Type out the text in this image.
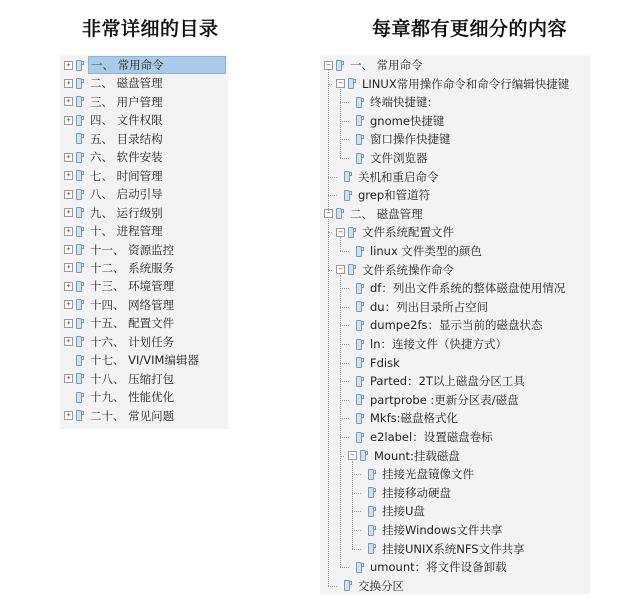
非常详细的目录	每章都有更细分的内容
+ 一、 常用命令
+ 二、 磁盘管理
+ 三、 用户管理
+ 四、 文件权限
五、 目录结构
+ 六、 软件安装
+ 七、 时间管理
+ 八、 启动引导
+ 九、 运行级别
+ 十、 进程管理
+ 十一、 资源监控
+ 十二、 系统服务
+ 十三、 环境管理
+ 十四、 网络管理
+ 十五、 配置文件
+ 十六、 计划任务
十七、 VI/VIM编辑器
+ 十八、 压缩打包
十九、 性能优化
+ 二十、 常见问题
− 一、 常用命令
− LINUX常用操作命令和命令行编辑快捷键
终端快捷键:
gnome快捷键
窗口操作快捷键
文件浏览器
关机和重启命令
grep和管道符
− 二、 磁盘管理
− 文件系统配置文件
linux 文件类型的颜色
− 文件系统操作命令
df：列出文件系统的整体磁盘使用情况
du：列出目录所占空间
dumpe2fs：显示当前的磁盘状态
ln：连接文件（快捷方式）
Fdisk
Parted：2T以上磁盘分区工具
partprobe :更新分区表/磁盘
Mkfs:磁盘格式化
e2label：设置磁盘卷标
− Mount:挂载磁盘
挂接光盘镜像文件
挂接移动硬盘
挂接U盘
挂接Windows文件共享
挂接UNIX系统NFS文件共享
umount：将文件设备卸载
交换分区
